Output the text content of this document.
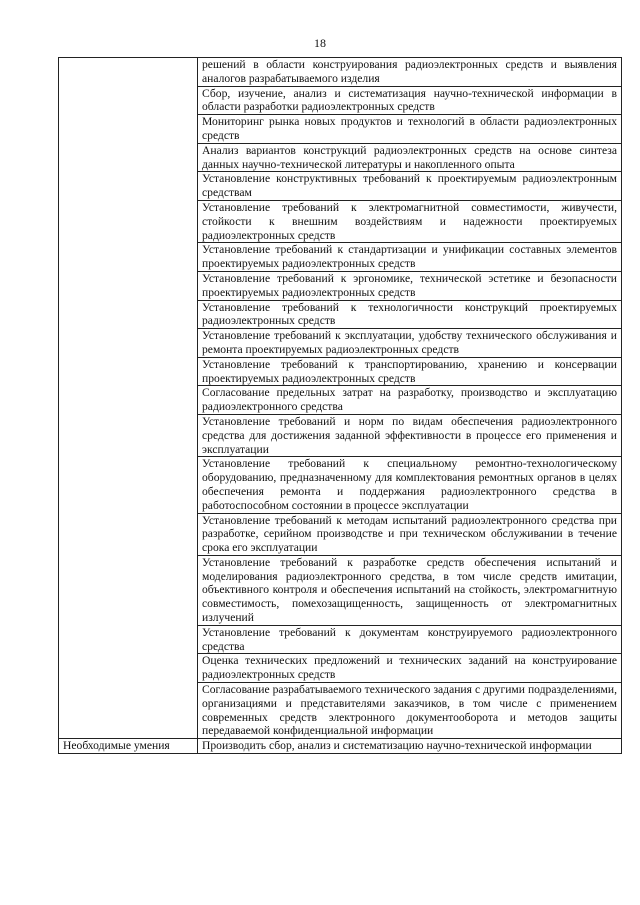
18

	решений в области конструирования радиоэлектронных средств и выявления аналогов разрабатываемого изделия

	Сбор, изучение, анализ и систематизация научно-технической информации в области разработки радиоэлектронных средств

	Мониторинг рынка новых продуктов и технологий в области радиоэлектронных средств

	Анализ вариантов конструкций радиоэлектронных средств на основе синтеза данных научно-технической литературы и накопленного опыта

	Установление конструктивных требований к проектируемым радиоэлектронным средствам

	Установление требований к электромагнитной совместимости, живучести, стойкости к внешним воздействиям и надежности проектируемых радиоэлектронных средств

	Установление требований к стандартизации и унификации составных элементов проектируемых радиоэлектронных средств

	Установление требований к эргономике, технической эстетике и безопасности проектируемых радиоэлектронных средств

	Установление требований к технологичности конструкций проектируемых радиоэлектронных средств

	Установление требований к эксплуатации, удобству технического обслуживания и ремонта проектируемых радиоэлектронных средств

	Установление требований к транспортированию, хранению и консервации проектируемых радиоэлектронных средств

	Согласование предельных затрат на разработку, производство и эксплуатацию радиоэлектронного средства

	Установление требований и норм по видам обеспечения радиоэлектронного средства для достижения заданной эффективности в процессе его применения и эксплуатации

	Установление требований к специальному ремонтно-технологическому оборудованию, предназначенному для комплектования ремонтных органов в целях обеспечения ремонта и поддержания радиоэлектронного средства в работоспособном состоянии в процессе эксплуатации

	Установление требований к методам испытаний радиоэлектронного средства при разработке, серийном производстве и при техническом обслуживании в течение срока его эксплуатации

	Установление требований к разработке средств обеспечения испытаний и моделирования радиоэлектронного средства, в том числе средств имитации, объективного контроля и обеспечения испытаний на стойкость, электромагнитную совместимость, помехозащищенность, защищенность от электромагнитных излучений

	Установление требований к документам конструируемого радиоэлектронного средства

	Оценка технических предложений и технических заданий на конструирование радиоэлектронных средств

	Согласование разрабатываемого технического задания с другими подразделениями, организациями и представителями заказчиков, в том числе с применением современных средств электронного документооборота и методов защиты передаваемой конфиденциальной информации

Необходимые умения	Производить сбор, анализ и систематизацию научно-технической информации
